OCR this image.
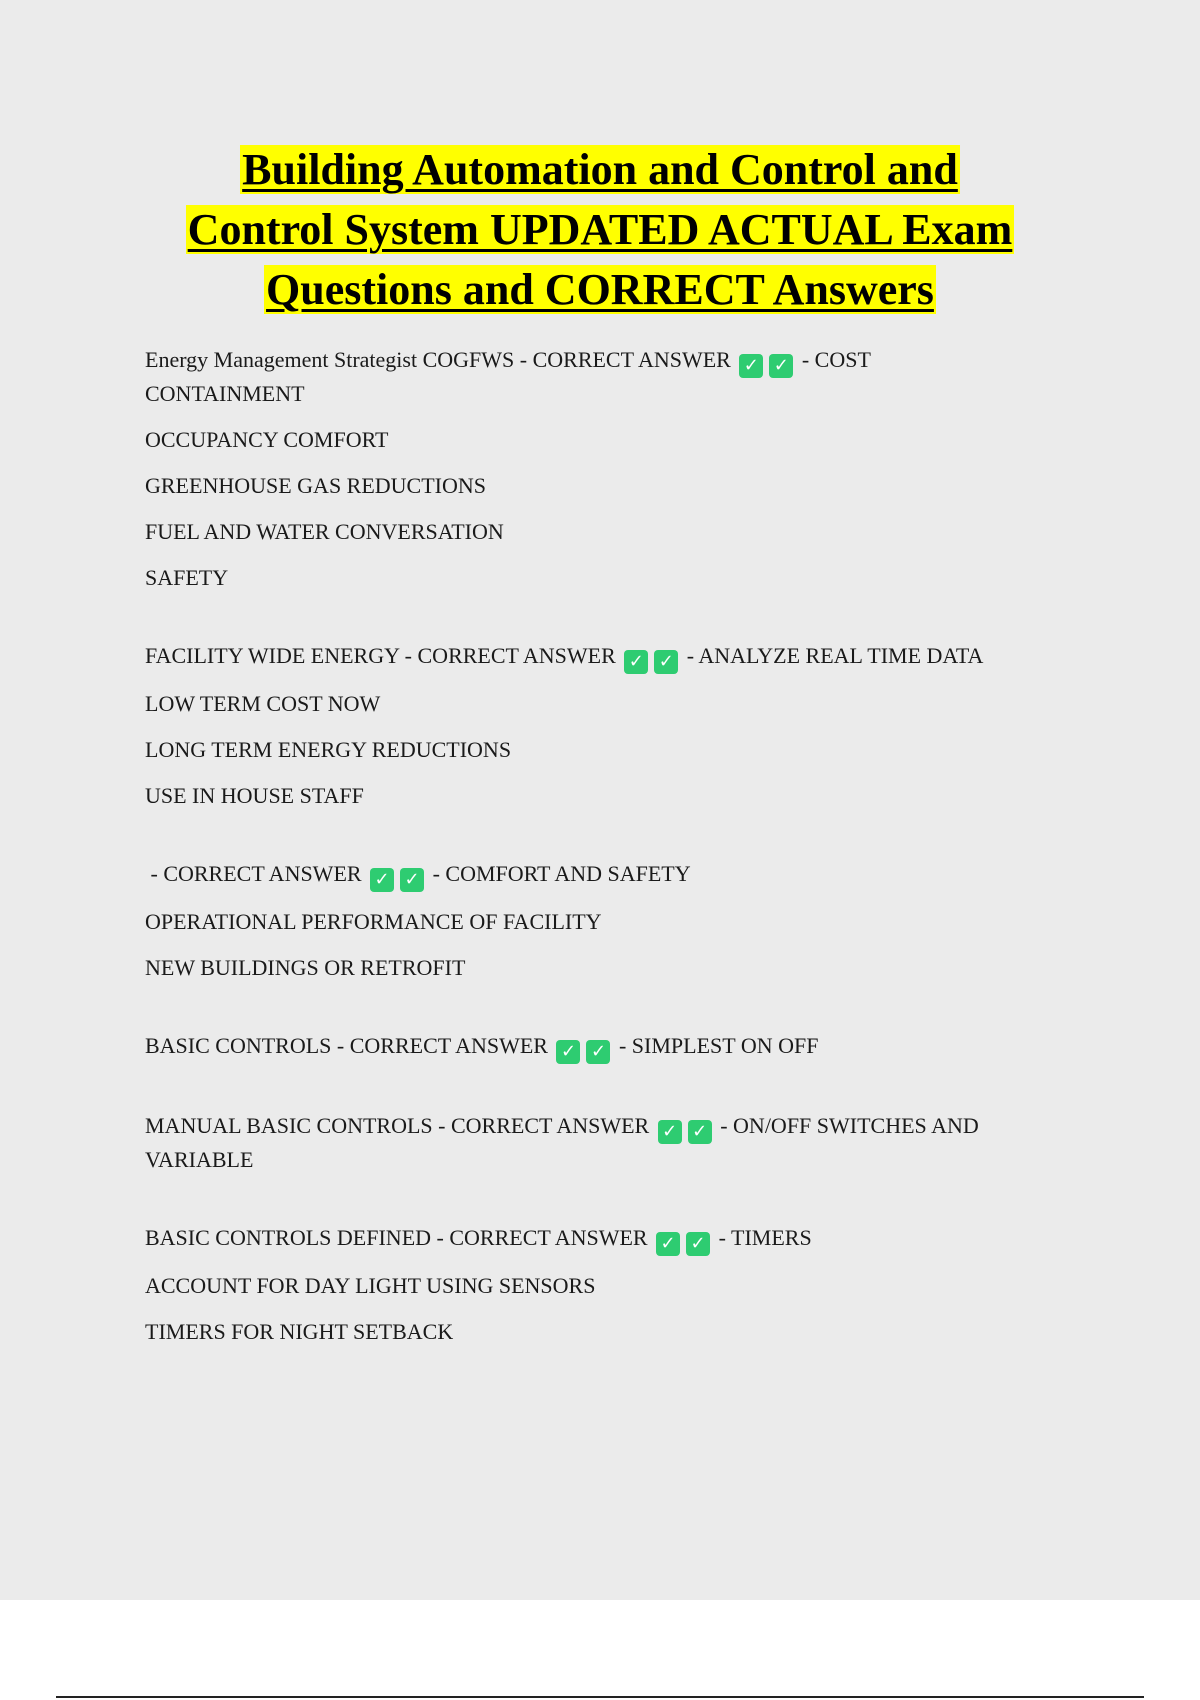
Building Automation and Control and
Control System UPDATED ACTUAL Exam
Questions and CORRECT Answers
Energy Management Strategist COGFWS - CORRECT ANSWER ✓ ✓ - COST
CONTAINMENT
OCCUPANCY COMFORT
GREENHOUSE GAS REDUCTIONS
FUEL AND WATER CONVERSATION
SAFETY
FACILITY WIDE ENERGY - CORRECT ANSWER ✓ ✓ - ANALYZE REAL TIME DATA
LOW TERM COST NOW
LONG TERM ENERGY REDUCTIONS
USE IN HOUSE STAFF
- CORRECT ANSWER ✓ ✓ - COMFORT AND SAFETY
OPERATIONAL PERFORMANCE OF FACILITY
NEW BUILDINGS OR RETROFIT
BASIC CONTROLS - CORRECT ANSWER ✓ ✓ - SIMPLEST ON OFF
MANUAL BASIC CONTROLS - CORRECT ANSWER ✓ ✓ - ON/OFF SWITCHES AND
VARIABLE
BASIC CONTROLS DEFINED - CORRECT ANSWER ✓ ✓ - TIMERS
ACCOUNT FOR DAY LIGHT USING SENSORS
TIMERS FOR NIGHT SETBACK
